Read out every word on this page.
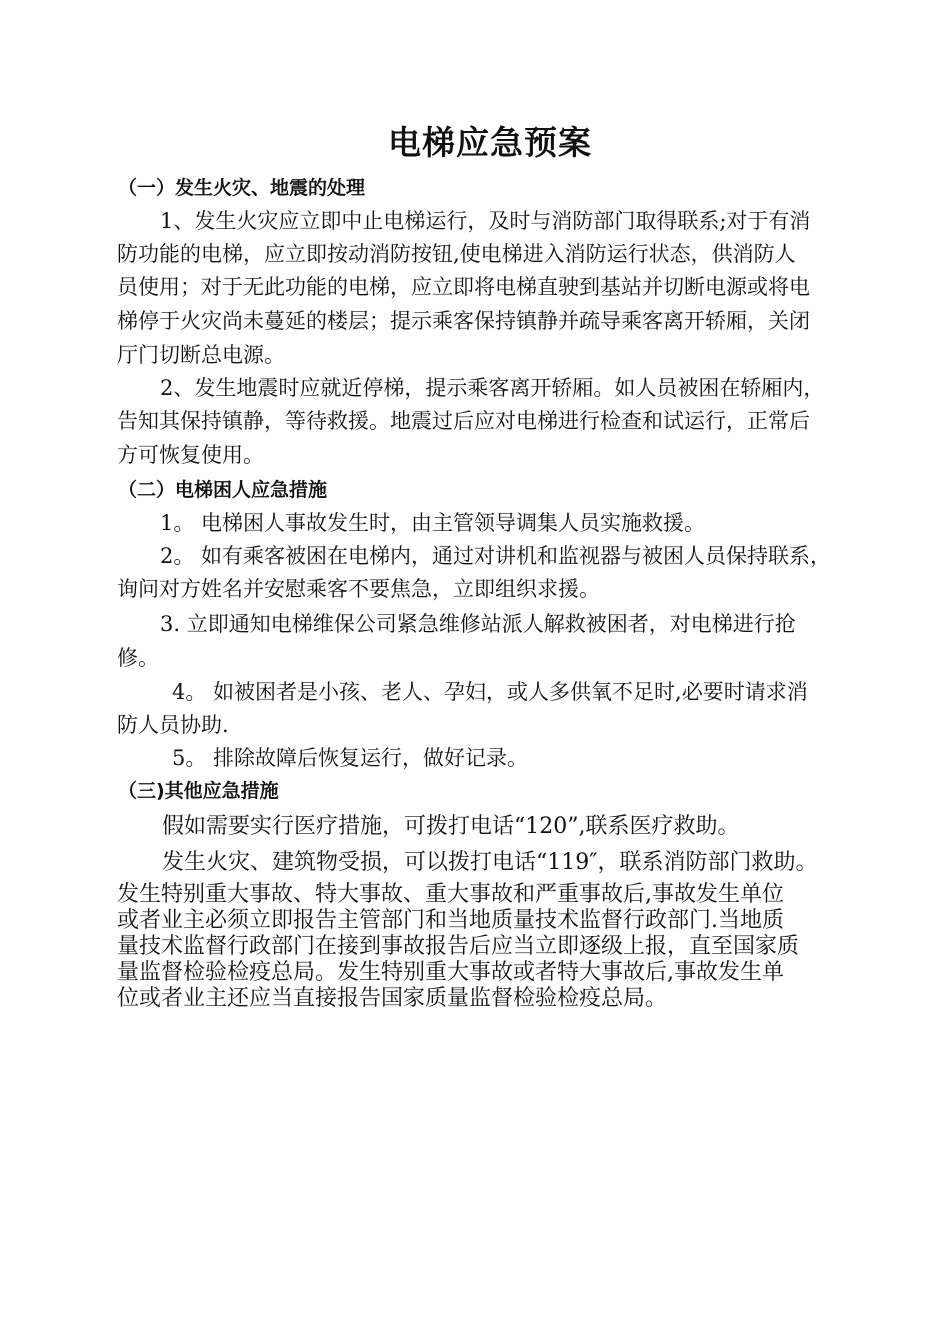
电梯应急预案
（一）发生火灾、地震的处理
1、发生火灾应立即中止电梯运行，及时与消防部门取得联系;对于有消
防功能的电梯，应立即按动消防按钮,使电梯进入消防运行状态，供消防人
员使用；对于无此功能的电梯，应立即将电梯直驶到基站并切断电源或将电
梯停于火灾尚未蔓延的楼层；提示乘客保持镇静并疏导乘客离开轿厢，关闭
厅门切断总电源。
2、发生地震时应就近停梯，提示乘客离开轿厢。如人员被困在轿厢内，
告知其保持镇静，等待救援。地震过后应对电梯进行检查和试运行，正常后
方可恢复使用。
（二）电梯困人应急措施
1。 电梯困人事故发生时，由主管领导调集人员实施救援。
2。 如有乘客被困在电梯内，通过对讲机和监视器与被困人员保持联系，
询问对方姓名并安慰乘客不要焦急，立即组织求援。
3. 立即通知电梯维保公司紧急维修站派人解救被困者，对电梯进行抢
修。
4。 如被困者是小孩、老人、孕妇，或人多供氧不足时,必要时请求消
防人员协助.
5。 排除故障后恢复运行，做好记录。
（三)其他应急措施
假如需要实行医疗措施，可拨打电话“120”,联系医疗救助。
发生火灾、建筑物受损，可以拨打电话“119″，联系消防部门救助。
发生特别重大事故、特大事故、重大事故和严重事故后,事故发生单位
或者业主必须立即报告主管部门和当地质量技术监督行政部门.当地质
量技术监督行政部门在接到事故报告后应当立即逐级上报，直至国家质
量监督检验检疫总局。发生特别重大事故或者特大事故后,事故发生单
位或者业主还应当直接报告国家质量监督检验检疫总局。
